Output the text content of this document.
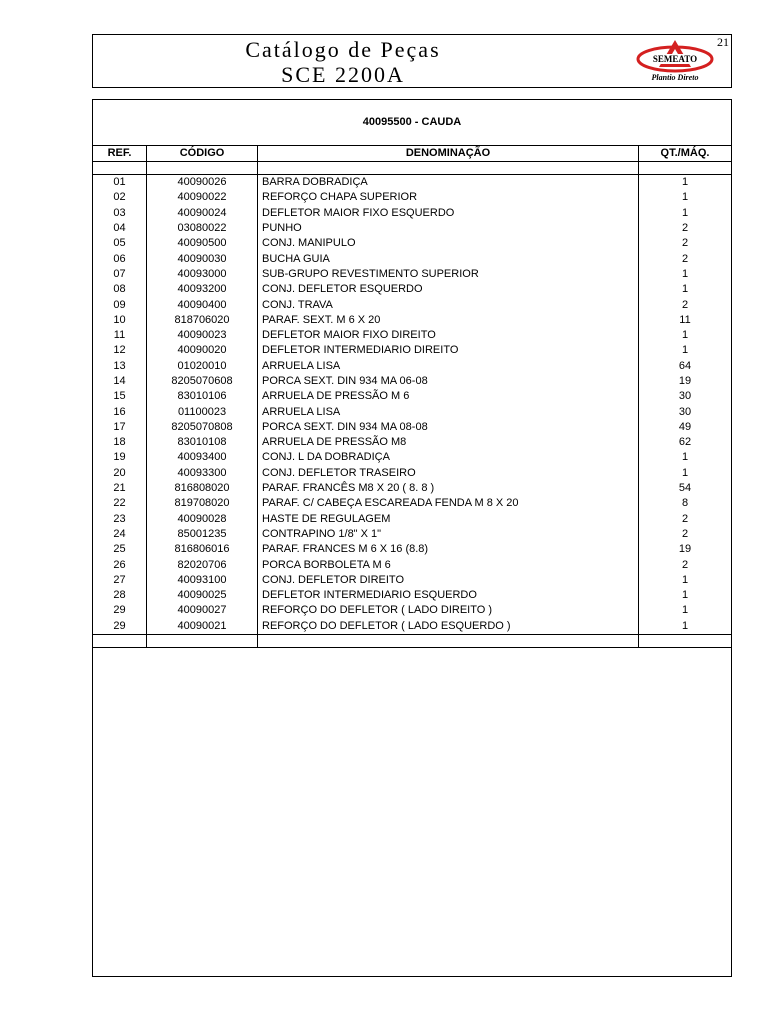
Catálogo de Peças
SCE 2200A
SEMEATO
Plantio Direto
21
40095500 - CAUDA
REF.	CÓDIGO	DENOMINAÇÃO	QT./MÁQ.

01	40090026	BARRA DOBRADIÇA	1
02	40090022	REFORÇO CHAPA SUPERIOR	1
03	40090024	DEFLETOR MAIOR FIXO ESQUERDO	1
04	03080022	PUNHO	2
05	40090500	CONJ. MANIPULO	2
06	40090030	BUCHA GUIA	2
07	40093000	SUB-GRUPO REVESTIMENTO SUPERIOR	1
08	40093200	CONJ. DEFLETOR ESQUERDO	1
09	40090400	CONJ. TRAVA	2
10	818706020	PARAF. SEXT. M 6 X 20	11
11	40090023	DEFLETOR MAIOR FIXO DIREITO	1
12	40090020	DEFLETOR INTERMEDIARIO DIREITO	1
13	01020010	ARRUELA LISA	64
14	8205070608	PORCA SEXT. DIN 934 MA 06-08	19
15	83010106	ARRUELA DE PRESSÃO M 6	30
16	01100023	ARRUELA LISA	30
17	8205070808	PORCA SEXT. DIN 934 MA 08-08	49
18	83010108	ARRUELA DE PRESSÃO M8	62
19	40093400	CONJ. L DA DOBRADIÇA	1
20	40093300	CONJ. DEFLETOR TRASEIRO	1
21	816808020	PARAF. FRANCÊS M8 X 20 ( 8. 8 )	54
22	819708020	PARAF. C/ CABEÇA ESCAREADA FENDA M 8 X 20	8
23	40090028	HASTE DE REGULAGEM	2
24	85001235	CONTRAPINO 1/8" X 1"	2
25	816806016	PARAF. FRANCES M 6 X 16 (8.8)	19
26	82020706	PORCA BORBOLETA M 6	2
27	40093100	CONJ. DEFLETOR DIREITO	1
28	40090025	DEFLETOR INTERMEDIARIO ESQUERDO	1
29	40090027	REFORÇO DO DEFLETOR ( LADO DIREITO )	1
29	40090021	REFORÇO DO DEFLETOR ( LADO ESQUERDO )	1
